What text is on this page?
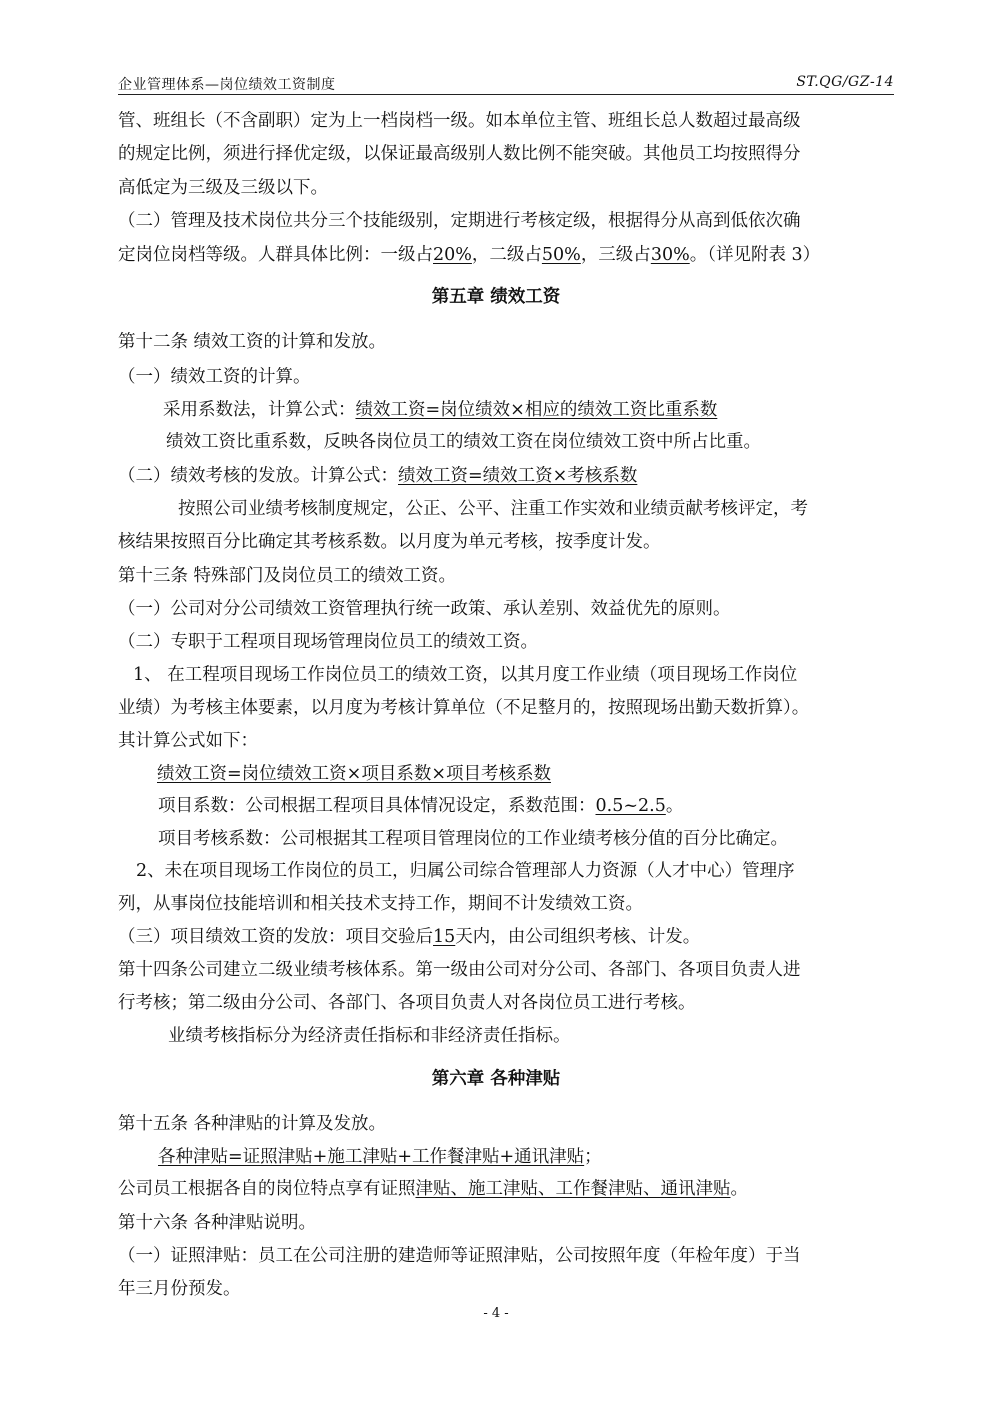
企业管理体系—岗位绩效工资制度	ST.QG/GZ-14
管、班组长（不含副职）定为上一档岗档一级。如本单位主管、班组长总人数超过最高级
的规定比例，须进行择优定级，以保证最高级别人数比例不能突破。其他员工均按照得分
高低定为三级及三级以下。
（二）管理及技术岗位共分三个技能级别，定期进行考核定级，根据得分从高到低依次确
定岗位岗档等级。人群具体比例：一级占20%，二级占50%，三级占30%。（详见附表 3）
第五章 绩效工资
第十二条 绩效工资的计算和发放。
（一）绩效工资的计算。
采用系数法，计算公式：绩效工资=岗位绩效×相应的绩效工资比重系数
绩效工资比重系数，反映各岗位员工的绩效工资在岗位绩效工资中所占比重。
（二）绩效考核的发放。计算公式：绩效工资=绩效工资×考核系数
按照公司业绩考核制度规定，公正、公平、注重工作实效和业绩贡献考核评定，考
核结果按照百分比确定其考核系数。以月度为单元考核，按季度计发。
第十三条 特殊部门及岗位员工的绩效工资。
（一）公司对分公司绩效工资管理执行统一政策、承认差别、效益优先的原则。
（二）专职于工程项目现场管理岗位员工的绩效工资。
1、 在工程项目现场工作岗位员工的绩效工资，以其月度工作业绩（项目现场工作岗位
业绩）为考核主体要素，以月度为考核计算单位（不足整月的，按照现场出勤天数折算）。
其计算公式如下：
绩效工资=岗位绩效工资×项目系数×项目考核系数
项目系数：公司根据工程项目具体情况设定，系数范围：0.5~2.5。
项目考核系数：公司根据其工程项目管理岗位的工作业绩考核分值的百分比确定。
2、未在项目现场工作岗位的员工，归属公司综合管理部人力资源（人才中心）管理序
列，从事岗位技能培训和相关技术支持工作，期间不计发绩效工资。
（三）项目绩效工资的发放：项目交验后15天内，由公司组织考核、计发。
第十四条公司建立二级业绩考核体系。第一级由公司对分公司、各部门、各项目负责人进
行考核；第二级由分公司、各部门、各项目负责人对各岗位员工进行考核。
业绩考核指标分为经济责任指标和非经济责任指标。
第六章 各种津贴
第十五条 各种津贴的计算及发放。
各种津贴=证照津贴+施工津贴+工作餐津贴+通讯津贴；
公司员工根据各自的岗位特点享有证照津贴、施工津贴、工作餐津贴、通讯津贴。
第十六条 各种津贴说明。
（一）证照津贴：员工在公司注册的建造师等证照津贴，公司按照年度（年检年度）于当
年三月份预发。
- 4 -
